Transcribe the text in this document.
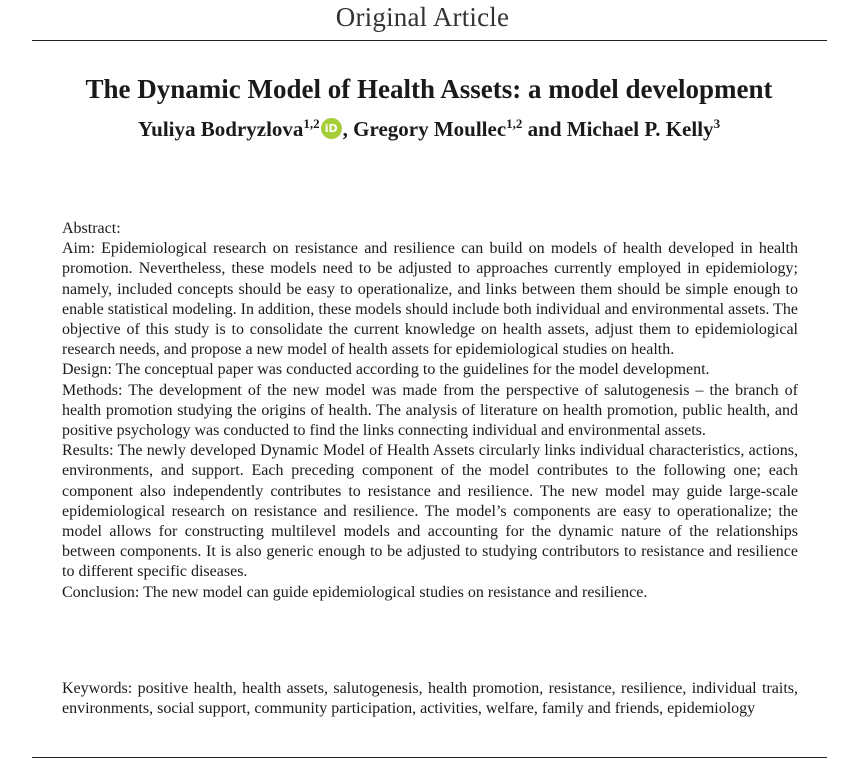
Original Article
The Dynamic Model of Health Assets: a model development
Yuliya Bodryzlova$^{1,2}$ iD , Gregory Moullec$^{1,2}$ and Michael P. Kelly$^3$

Abstract:

Aim: Epidemiological research on resistance and resilience can build on models of health developed in health promotion. Nevertheless, these models need to be adjusted to approaches currently employed in epidemiology; namely, included concepts should be easy to operationalize, and links between them should be simple enough to enable statistical modeling. In addition, these models should include both individual and environmental assets. The objective of this study is to consolidate the current knowledge on health assets, adjust them to epidemiological research needs, and propose a new model of health assets for epidemiological studies on health.

Design: The conceptual paper was conducted according to the guidelines for the model development.

Methods: The development of the new model was made from the perspective of salutogenesis – the branch of health promotion studying the origins of health. The analysis of literature on health promotion, public health, and positive psychology was conducted to find the links connecting individual and environmental assets.

Results: The newly developed Dynamic Model of Health Assets circularly links individual characteristics, actions, environments, and support. Each preceding component of the model contributes to the following one; each component also independently contributes to resistance and resilience. The new model may guide large-scale epidemiological research on resistance and resilience. The model’s components are easy to operationalize; the model allows for constructing multilevel models and accounting for the dynamic nature of the relationships between components. It is also generic enough to be adjusted to studying contributors to resistance and resilience to different specific diseases.

Conclusion: The new model can guide epidemiological studies on resistance and resilience.

Keywords: positive health, health assets, salutogenesis, health promotion, resistance, resilience, individual traits, environments, social support, community participation, activities, welfare, family and friends, epidemiology
